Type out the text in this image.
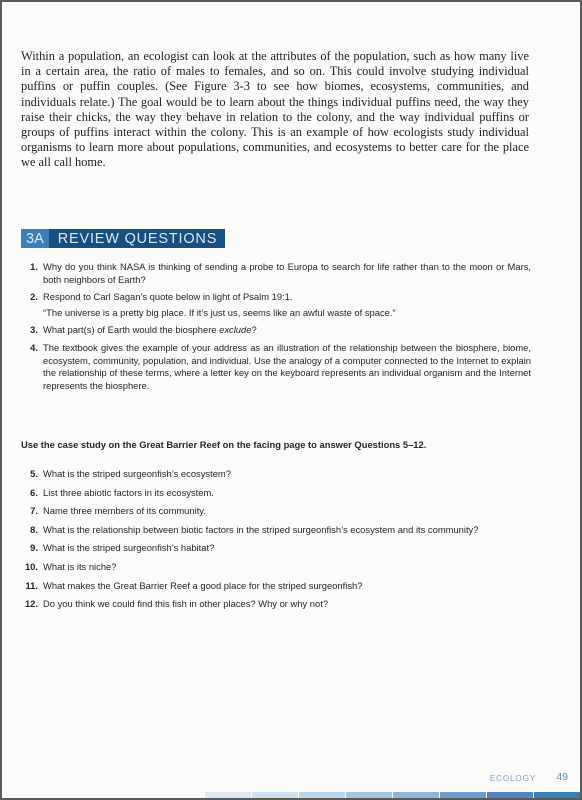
Within a population, an ecologist can look at the attributes of the population, such as how many live in a certain area, the ratio of males to females, and so on. This could involve studying individual puffins or puffin couples. (See Figure 3-3 to see how biomes, ecosystems, communities, and individuals relate.) The goal would be to learn about the things individual puffins need, the way they raise their chicks, the way they behave in relation to the colony, and the way individual puffins or groups of puffins interact within the colony. This is an example of how ecologists study individual organisms to learn more about populations, communities, and ecosystems to better care for the place we all call home.

3A REVIEW QUESTIONS
1. Why do you think NASA is thinking of sending a probe to Europa to search for life rather than to the moon or Mars, both neighbors of Earth?
2. Respond to Carl Sagan’s quote below in light of Psalm 19:1.
“The universe is a pretty big place. If it’s just us, seems like an awful waste of space.”
3. What part(s) of Earth would the biosphere exclude?
4. The textbook gives the example of your address as an illustration of the relationship between the biosphere, biome, ecosystem, community, population, and individual. Use the analogy of a computer connected to the Internet to explain the relationship of these terms, where a letter key on the keyboard represents an individual organism and the Internet represents the biosphere.

Use the case study on the Great Barrier Reef on the facing page to answer Questions 5–12.

5. What is the striped surgeonfish’s ecosystem?
6. List three abiotic factors in its ecosystem.
7. Name three members of its community.
8. What is the relationship between biotic factors in the striped surgeonfish’s ecosystem and its community?
9. What is the striped surgeonfish’s habitat?
10. What is its niche?
11. What makes the Great Barrier Reef a good place for the striped surgeonfish?
12. Do you think we could find this fish in other places? Why or why not?
ECOLOGY 49
